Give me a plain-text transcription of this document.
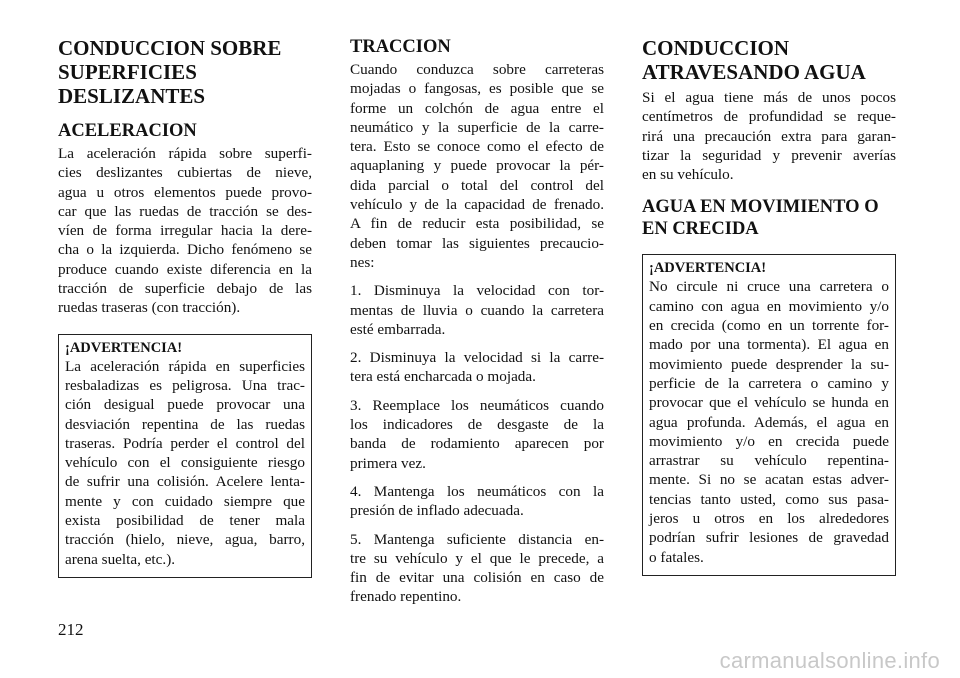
CONDUCCION SOBRE
SUPERFICIES
DESLIZANTES
ACELERACION
La aceleración rápida sobre superfi-
cies deslizantes cubiertas de nieve,
agua u otros elementos puede provo-
car que las ruedas de tracción se des-
víen de forma irregular hacia la dere-
cha o la izquierda. Dicho fenómeno se
produce cuando existe diferencia en la
tracción de superficie debajo de las
ruedas traseras (con tracción).
¡ADVERTENCIA!
La aceleración rápida en superficies
resbaladizas es peligrosa. Una trac-
ción desigual puede provocar una
desviación repentina de las ruedas
traseras. Podría perder el control del
vehículo con el consiguiente riesgo
de sufrir una colisión. Acelere lenta-
mente y con cuidado siempre que
exista posibilidad de tener mala
tracción (hielo, nieve, agua, barro,
arena suelta, etc.).
TRACCION
Cuando conduzca sobre carreteras
mojadas o fangosas, es posible que se
forme un colchón de agua entre el
neumático y la superficie de la carre-
tera. Esto se conoce como el efecto de
aquaplaning y puede provocar la pér-
dida parcial o total del control del
vehículo y de la capacidad de frenado.
A fin de reducir esta posibilidad, se
deben tomar las siguientes precaucio-
nes:
1. Disminuya la velocidad con tor-
mentas de lluvia o cuando la carretera
esté embarrada.
2. Disminuya la velocidad si la carre-
tera está encharcada o mojada.
3. Reemplace los neumáticos cuando
los indicadores de desgaste de la
banda de rodamiento aparecen por
primera vez.
4. Mantenga los neumáticos con la
presión de inflado adecuada.
5. Mantenga suficiente distancia en-
tre su vehículo y el que le precede, a
fin de evitar una colisión en caso de
frenado repentino.
CONDUCCION
ATRAVESANDO AGUA
Si el agua tiene más de unos pocos
centímetros de profundidad se reque-
rirá una precaución extra para garan-
tizar la seguridad y prevenir averías
en su vehículo.
AGUA EN MOVIMIENTO O
EN CRECIDA
¡ADVERTENCIA!
No circule ni cruce una carretera o
camino con agua en movimiento y/o
en crecida (como en un torrente for-
mado por una tormenta). El agua en
movimiento puede desprender la su-
perficie de la carretera o camino y
provocar que el vehículo se hunda en
agua profunda. Además, el agua en
movimiento y/o en crecida puede
arrastrar su vehículo repentina-
mente. Si no se acatan estas adver-
tencias tanto usted, como sus pasa-
jeros u otros en los alrededores
podrían sufrir lesiones de gravedad
o fatales.
212
carmanualsonline.info
